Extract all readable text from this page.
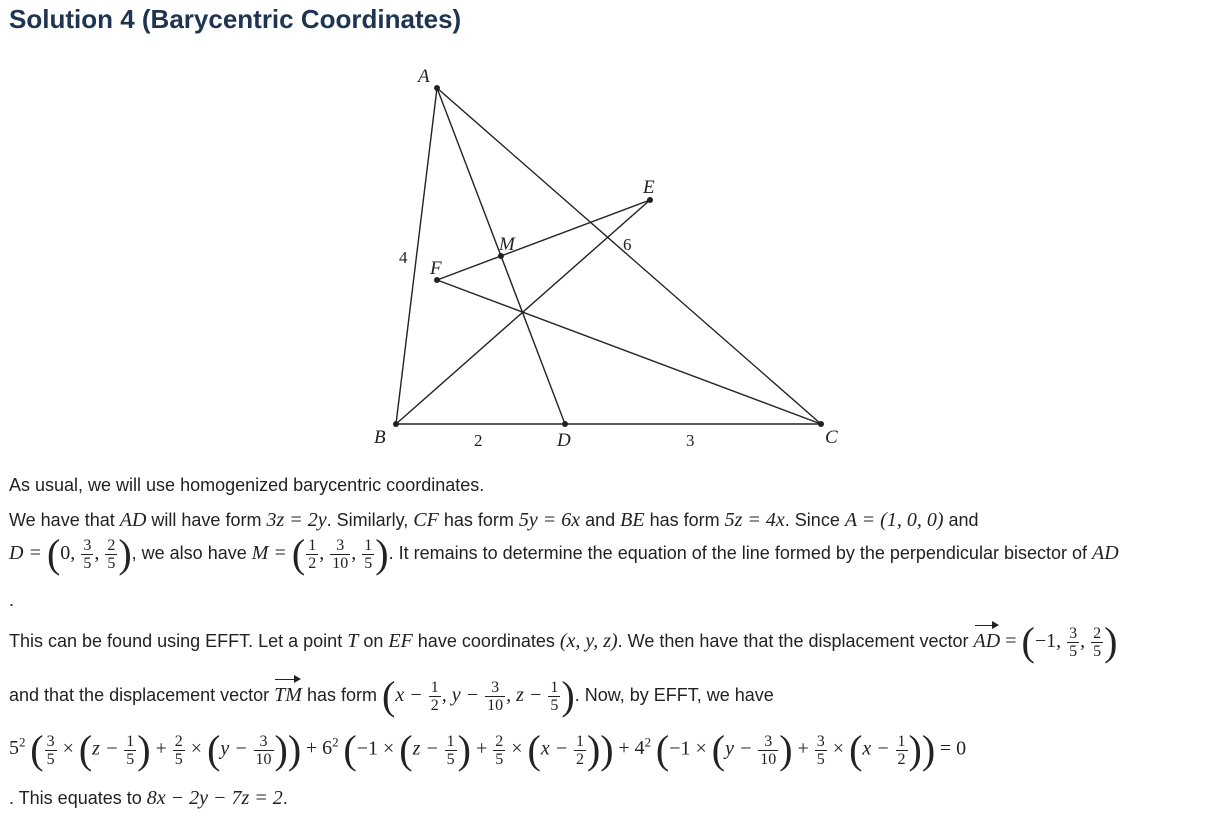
Solution 4 (Barycentric Coordinates)
A
B	C
D
E
F
M
4
6
2	3
As usual, we will use homogenized barycentric coordinates.
We have that AD will have form 3z = 2y. Similarly, CF has form 5y = 6x and BE has form 5z = 4x. Since A = (1, 0, 0) and
D = (0, $\frac{3}{5}$ , $\frac{2}{5}$ ), we also have M = ( $\frac{1}{2}$ , $\frac{3}{10}$ , $\frac{1}{5}$ ). It remains to determine the equation of the line formed by the perpendicular bisector of AD
.
This can be found using EFFT. Let a point T on EF have coordinates (x, y, z). We then have that the displacement vector AD = (−1, $\frac{3}{5}$ , $\frac{2}{5}$ )
and that the displacement vector TM has form ($x - \frac{1}{2}$ , $y - \frac{3}{10}$ , $z - \frac{1}{5}$ ). Now, by EFFT, we have
$5^2$ ( $\frac{3}{5} \times (z - \frac{1}{5}$ ) + $\frac{2}{5} \times (y - \frac{3}{10}$ )) + $6^2$ ($-1 \times (z - \frac{1}{5}$ ) + $\frac{2}{5} \times (x - \frac{1}{2}$ )) + $4^2$ ($-1 \times (y - \frac{3}{10}$ ) + $\frac{3}{5} \times (x - \frac{1}{2}$ )) = 0
. This equates to 8x − 2y − 7z = 2.
